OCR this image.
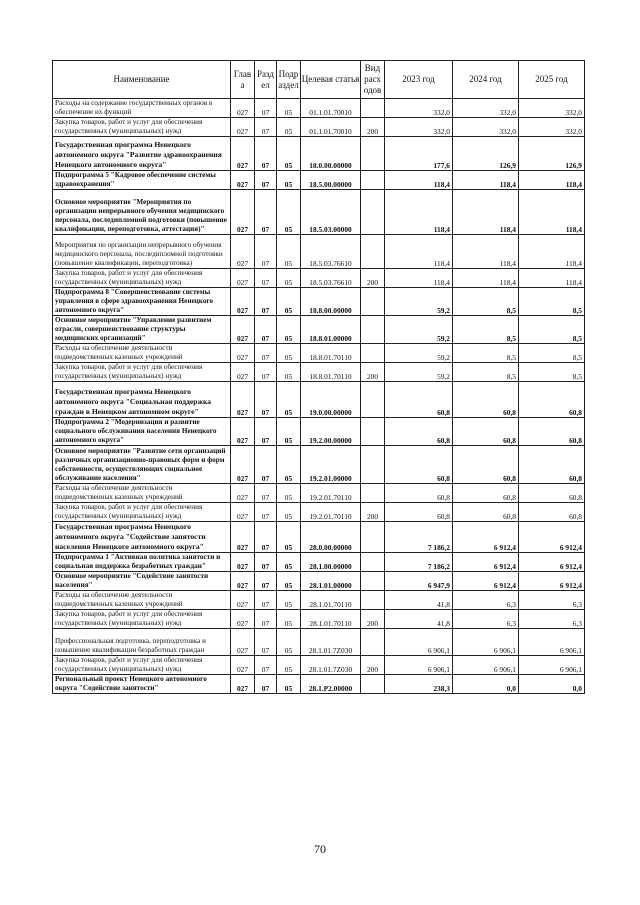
Наименование	Глав а	Разд ел	Подр аздел	Целевая статья	Вид расх одов	2023 год	2024 год	2025 год
Расходы на содержание государственных органов в обеспечение их функций	027	07	05	01.1.01.70010		332,0	332,0	332,0
Закупка товаров, работ и услуг для обеспечения государственных (муниципальных) нужд	027	07	05	01.1.01.70010	200	332,0	332,0	332,0
Государственная программа Ненецкого автономного округа "Развитие здравоохранения Ненецкого автономного округа"	027	07	05	18.0.00.00000		177,6	126,9	126,9
Подпрограмма 5 "Кадровое обеспечение системы здравоохранения"	027	07	05	18.5.00.00000		118,4	118,4	118,4
Основное мероприятие "Мероприятия по организации непрерывного обучения медицинского персонала, последипломной подготовки (повышение квалификации, переподготовка, аттестация)"	027	07	05	18.5.03.00000		118,4	118,4	118,4
Мероприятия по организации непрерывного обучения медицинского персонала, последипломной подготовки (повышение квалификации, переподготовка)	027	07	05	18.5.03.76610		118,4	118,4	118,4
Закупка товаров, работ и услуг для обеспечения государственных (муниципальных) нужд	027	07	05	18.5.03.76610	200	118,4	118,4	118,4
Подпрограмма 8 "Совершенствование системы управления в сфере здравоохранения Ненецкого автономного округа"	027	07	05	18.8.00.00000		59,2	8,5	8,5
Основное мероприятие "Управление развитием отрасли, совершенствование структуры медицинских организаций"	027	07	05	18.8.01.00000		59,2	8,5	8,5
Расходы на обеспечение деятельности подведомственных казенных учреждений	027	07	05	18.8.01.70110		59,2	8,5	8,5
Закупка товаров, работ и услуг для обеспечения государственных (муниципальных) нужд	027	07	05	18.8.01.70110	200	59,2	8,5	8,5
Государственная программа Ненецкого автономного округа "Социальная поддержка граждан в Ненецком автономном округе"	027	07	05	19.0.00.00000		60,8	60,8	60,8
Подпрограмма 2 "Модернизация и развитие социального обслуживания населения Ненецкого автономного округа"	027	07	05	19.2.00.00000		60,8	60,8	60,8
Основное мероприятие "Развитие сети организаций различных организационно-правовых форм и форм собственности, осуществляющих социальное обслуживание населения"	027	07	05	19.2.01.00000		60,8	60,8	60,8
Расходы на обеспечение деятельности подведомственных казенных учреждений	027	07	05	19.2.01.70110		60,8	60,8	60,8
Закупка товаров, работ и услуг для обеспечения государственных (муниципальных) нужд	027	07	05	19.2.01.70110	200	60,8	60,8	60,8
Государственная программа Ненецкого автономного округа "Содействие занятости населения Ненецкого автономного округа"	027	07	05	28.0.00.00000		7 186,2	6 912,4	6 912,4
Подпрограмма 1 "Активная политика занятости и социальная поддержка безработных граждан"	027	07	05	28.1.00.00000		7 186,2	6 912,4	6 912,4
Основное мероприятие "Содействие занятости населения"	027	07	05	28.1.01.00000		6 947,9	6 912,4	6 912,4
Расходы на обеспечение деятельности подведомственных казенных учреждений	027	07	05	28.1.01.70110		41,8	6,3	6,3
Закупка товаров, работ и услуг для обеспечения государственных (муниципальных) нужд	027	07	05	28.1.01.70110	200	41,8	6,3	6,3
Профессиональная подготовка, переподготовка и повышение квалификации безработных граждан	027	07	05	28.1.01.7Z030		6 906,1	6 906,1	6 906,1
Закупка товаров, работ и услуг для обеспечения государственных (муниципальных) нужд	027	07	05	28.1.01.7Z030	200	6 906,1	6 906,1	6 906,1
Региональный проект Ненецкого автономного округа "Содействие занятости"	027	07	05	28.1.P2.00000		238,3	0,0	0,0
70
